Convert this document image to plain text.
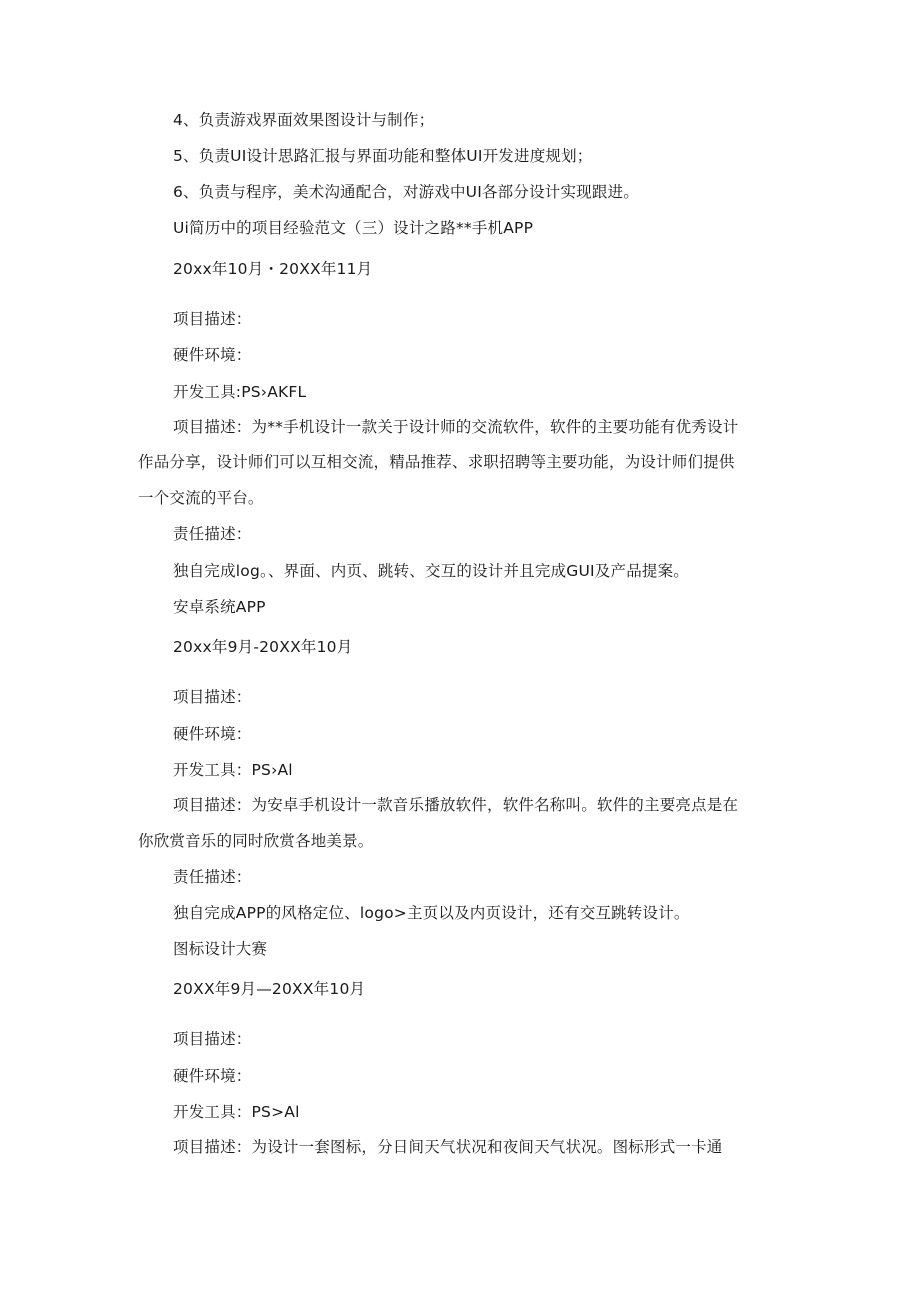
4、负责游戏界面效果图设计与制作；
5、负责UI设计思路汇报与界面功能和整体UI开发进度规划；
6、负责与程序，美术沟通配合，对游戏中UI各部分设计实现跟进。
Ui简历中的项目经验范文（三）设计之路**手机APP
20xx年10月・20XX年11月
项目描述：
硬件环境：
开发工具:PS›AKFL
项目描述：为**手机设计一款关于设计师的交流软件，软件的主要功能有优秀设计
作品分享，设计师们可以互相交流，精品推荐、求职招聘等主要功能，为设计师们提供
一个交流的平台。
责任描述：
独自完成log。、界面、内页、跳转、交互的设计并且完成GUI及产品提案。
安卓系统APP
20xx年9月-20XX年10月
项目描述：
硬件环境：
开发工具：PS›Al
项目描述：为安卓手机设计一款音乐播放软件，软件名称叫。软件的主要亮点是在
你欣赏音乐的同时欣赏各地美景。
责任描述：
独自完成APP的风格定位、logo>主页以及内页设计，还有交互跳转设计。
图标设计大赛
20XX年9月—20XX年10月
项目描述：
硬件环境：
开发工具：PS>Al
项目描述：为设计一套图标，分日间天气状况和夜间天气状况。图标形式一卡通
